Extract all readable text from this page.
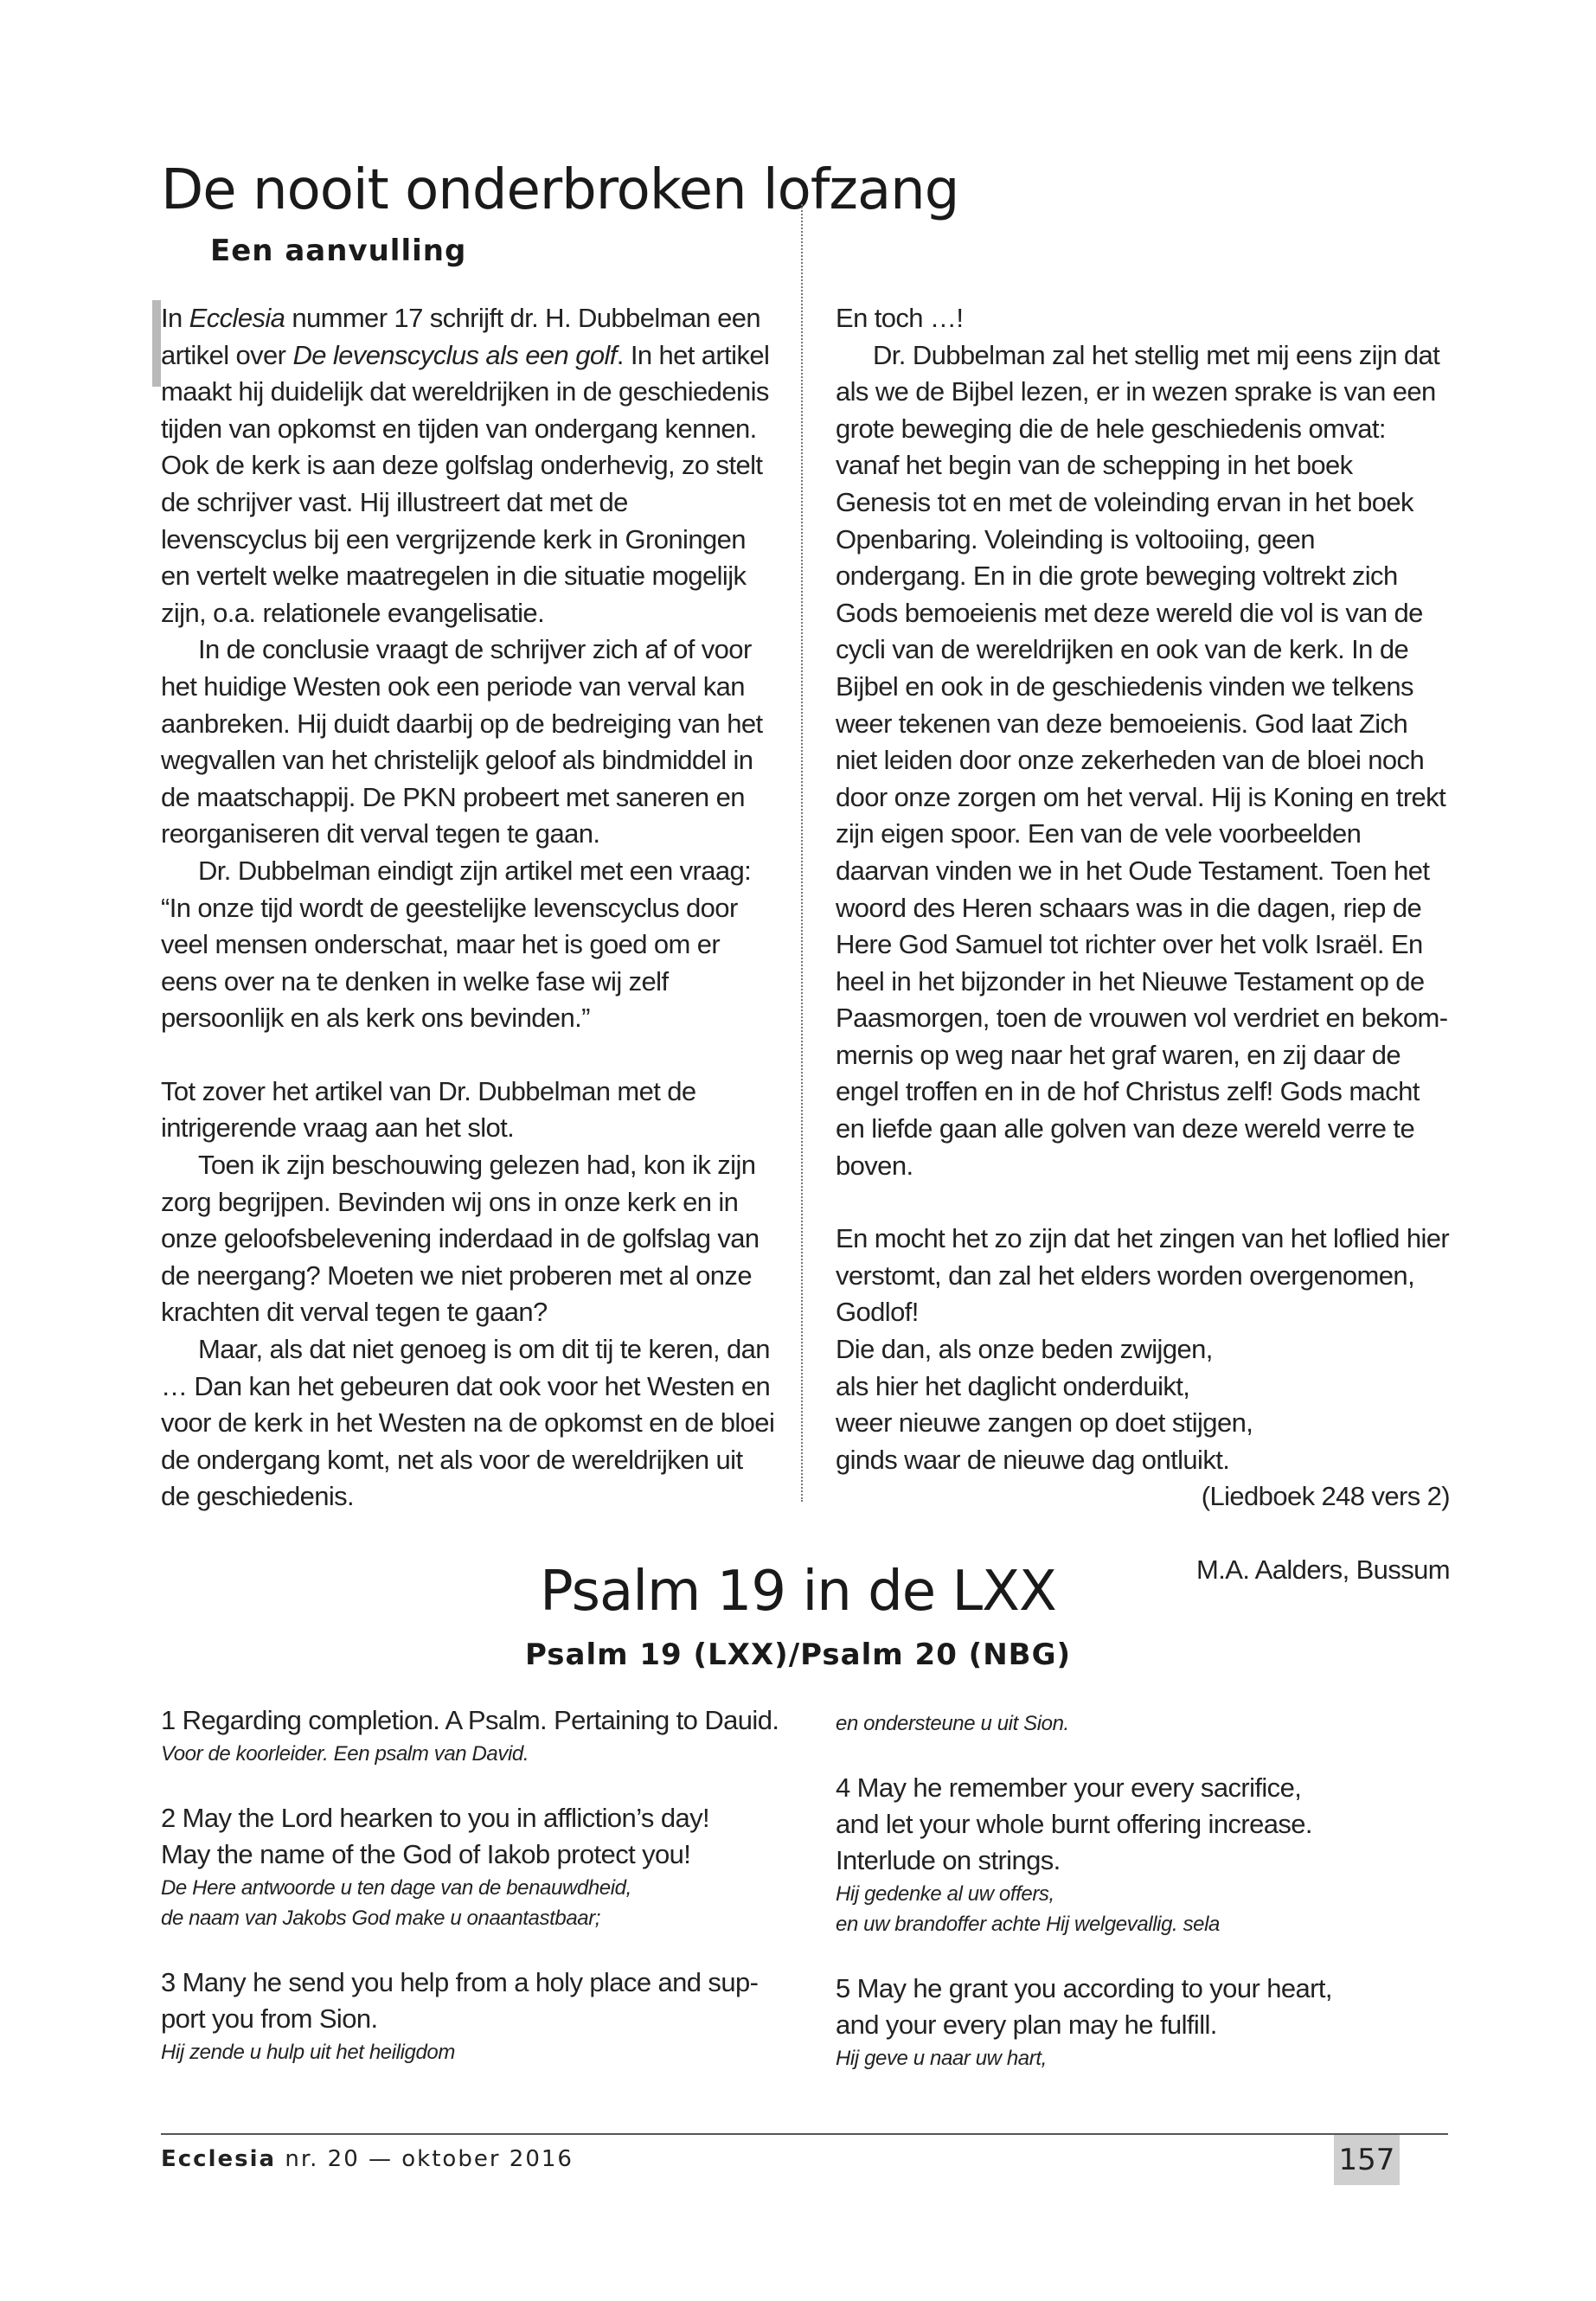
De nooit onderbroken lofzang
Een aanvulling

In Ecclesia nummer 17 schrijft dr. H. Dubbelman een artikel over De levenscyclus als een golf. In het artikel maakt hij duidelijk dat wereldrijken in de geschiedenis tijden van opkomst en tijden van ondergang kennen. Ook de kerk is aan deze golfslag onderhevig, zo stelt de schrijver vast. Hij illustreert dat met de levenscyclus bij een vergrijzende kerk in Groningen en vertelt welke maatregelen in die situatie mogelijk zijn, o.a. relationele evangelisatie.

In de conclusie vraagt de schrijver zich af of voor het huidige Westen ook een periode van verval kan aanbreken. Hij duidt daarbij op de bedreiging van het wegvallen van het christelijk geloof als bindmiddel in de maatschappij. De PKN probeert met saneren en reorganiseren dit verval tegen te gaan.

Dr. Dubbelman eindigt zijn artikel met een vraag:

“In onze tijd wordt de geestelijke levenscyclus door veel mensen onderschat, maar het is goed om er eens over na te denken in welke fase wij zelf persoonlijk en als kerk ons bevinden.”

Tot zover het artikel van Dr. Dubbelman met de intrigerende vraag aan het slot.

Toen ik zijn beschouwing gelezen had, kon ik zijn zorg begrijpen. Bevinden wij ons in onze kerk en in onze geloofsbelevening inderdaad in de golfslag van de neergang? Moeten we niet proberen met al onze krachten dit verval tegen te gaan?

Maar, als dat niet genoeg is om dit tij te keren, dan … Dan kan het gebeuren dat ook voor het Westen en voor de kerk in het Westen na de opkomst en de bloei de ondergang komt, net als voor de wereldrijken uit de geschiedenis.

En toch …!

Dr. Dubbelman zal het stellig met mij eens zijn dat als we de Bijbel lezen, er in wezen sprake is van een grote beweging die de hele geschiedenis omvat: vanaf het begin van de schepping in het boek Genesis tot en met de voleinding ervan in het boek Openbaring. Voleinding is voltooiing, geen ondergang. En in die grote beweging voltrekt zich Gods bemoeienis met deze wereld die vol is van de cycli van de wereldrijken en ook van de kerk. In de Bijbel en ook in de geschiedenis vinden we telkens weer tekenen van deze bemoeienis. God laat Zich niet leiden door onze zekerheden van de bloei noch door onze zorgen om het verval. Hij is Koning en trekt zijn eigen spoor. Een van de vele voorbeelden daarvan vinden we in het Oude Testament. Toen het woord des Heren schaars was in die dagen, riep de Here God Samuel tot richter over het volk Israël. En heel in het bijzonder in het Nieuwe Testament op de Paasmorgen, toen de vrouwen vol verdriet en bekommernis op weg naar het graf waren, en zij daar de engel troffen en in de hof Christus zelf! Gods macht en liefde gaan alle golven van deze wereld verre te boven.

En mocht het zo zijn dat het zingen van het loflied hier verstomt, dan zal het elders worden overgenomen, Godlof!

Die dan, als onze beden zwijgen,

als hier het daglicht onderduikt,

weer nieuwe zangen op doet stijgen,

ginds waar de nieuwe dag ontluikt.

(Liedboek 248 vers 2)

M.A. Aalders, Bussum

Psalm 19 in de LXX
Psalm 19 (LXX)/Psalm 20 (NBG)
1 Regarding completion. A Psalm. Pertaining to Dauid.
Voor de koorleider. Een psalm van David.
2 May the Lord hearken to you in affliction’s day!
May the name of the God of Iakob protect you!
De Here antwoorde u ten dage van de benauwdheid,
de naam van Jakobs God make u onaantastbaar;
3 Many he send you help from a holy place and support you from Sion.
Hij zende u hulp uit het heiligdom
en ondersteune u uit Sion.
4 May he remember your every sacrifice,
and let your whole burnt offering increase.
Interlude on strings.
Hij gedenke al uw offers,
en uw brandoffer achte Hij welgevallig. sela
5 May he grant you according to your heart,
and your every plan may he fulfill.
Hij geve u naar uw hart,
Ecclesia nr. 20 — oktober 2016	157
